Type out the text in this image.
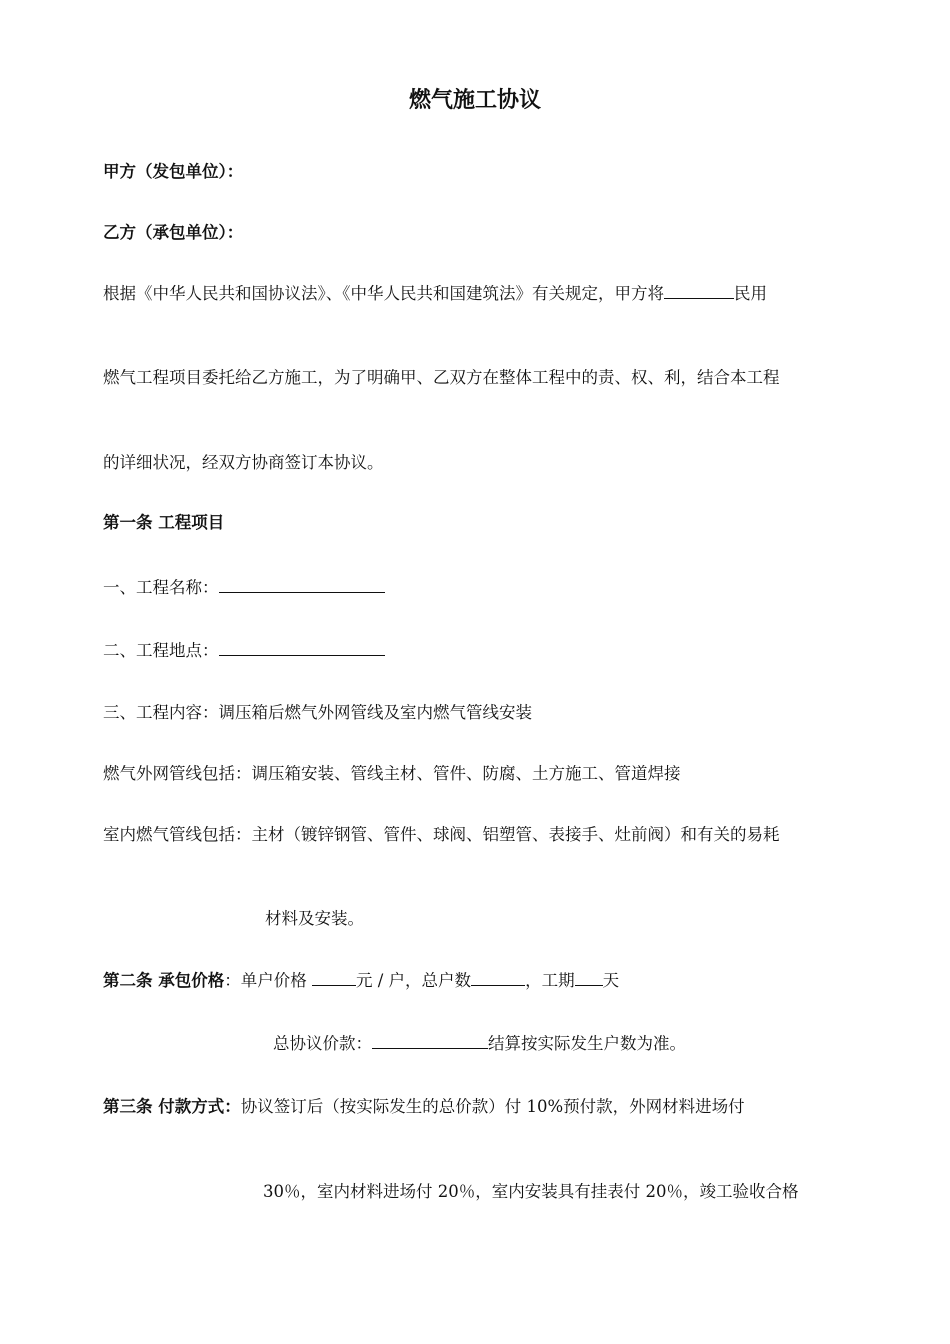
燃气施工协议
甲方（发包单位）：
乙方（承包单位）：
根据《中华人民共和国协议法》、《中华人民共和国建筑法》有关规定，甲方将	民用
燃气工程项目委托给乙方施工，为了明确甲、乙双方在整体工程中的责、权、利，结合本工程
的详细状况，经双方协商签订本协议。
第一条 工程项目
一、工程名称：
二、工程地点：
三、工程内容：调压箱后燃气外网管线及室内燃气管线安装
燃气外网管线包括：调压箱安装、管线主材、管件、防腐、土方施工、管道焊接
室内燃气管线包括：主材（镀锌钢管、管件、球阀、铝塑管、表接手、灶前阀）和有关的易耗
材料及安装。
第二条 承包价格：单户价格	元 / 户，总户数	，工期 天
总协议价款：	结算按实际发生户数为准。
第三条 付款方式：协议签订后（按实际发生的总价款）付 10%预付款，外网材料进场付
30％，室内材料进场付 20％，室内安装具有挂表付 20％，竣工验收合格
